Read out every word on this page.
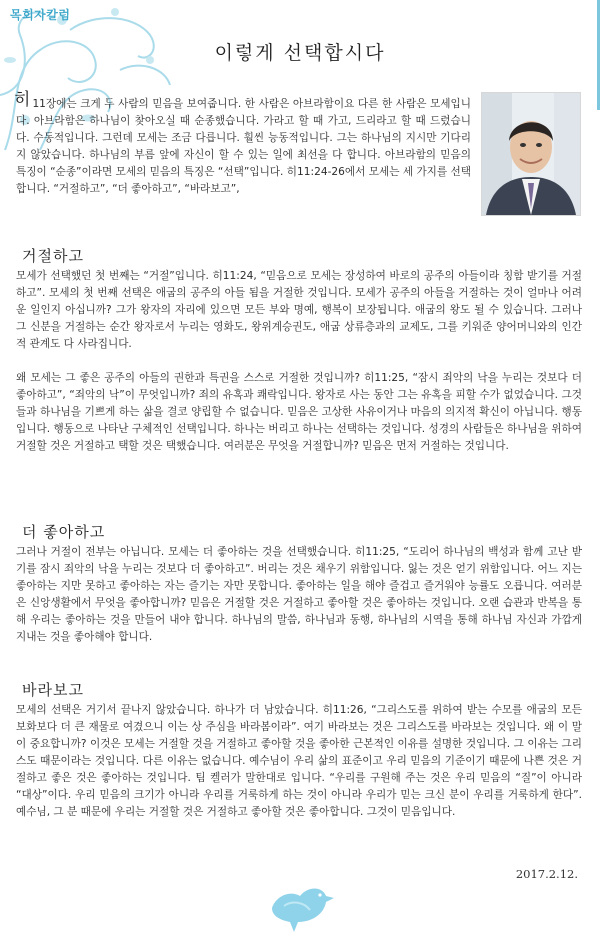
목회자칼럼
이렇게 선택합시다
히 11장에는 크게 두 사람의 믿음을 보여줍니다. 한 사람은 아브라함이요 다른 한 사람은 모세입니다. 아브라함은 하나님이 찾아오실 때 순종했습니다. 가라고 할 때 가고, 드리라고 할 때 드렸습니다. 수동적입니다. 그런데 모세는 조금 다릅니다. 훨씬 능동적입니다. 그는 하나님의 지시만 기다리지 않았습니다. 하나님의 부름 앞에 자신이 할 수 있는 일에 최선을 다 합니다. 아브라함의 믿음의 특징이 “순종”이라면 모세의 믿음의 특징은 “선택”입니다. 히11:24-26에서 모세는 세 가지를 선택합니다. “거절하고”, “더 좋아하고”, “바라보고”,
거절하고

모세가 선택했던 첫 번째는 “거절”입니다. 히11:24, “믿음으로 모세는 장성하여 바로의 공주의 아들이라 칭함 받기를 거절하고”. 모세의 첫 번째 선택은 애굽의 공주의 아들 됨을 거절한 것입니다. 모세가 공주의 아들을 거절하는 것이 얼마나 어려운 일인지 아십니까? 그가 왕자의 자리에 있으면 모든 부와 명예, 행복이 보장됩니다. 애굽의 왕도 될 수 있습니다. 그러나 그 신분을 거절하는 순간 왕자로서 누리는 영화도, 왕위계승권도, 애굽 상류층과의 교제도, 그를 키워준 양어머니와의 인간적 관계도 다 사라집니다.

왜 모세는 그 좋은 공주의 아들의 권한과 특권을 스스로 거절한 것입니까? 히11:25, “잠시 죄악의 낙을 누리는 것보다 더 좋아하고”, “죄악의 낙”이 무엇입니까? 죄의 유혹과 쾌락입니다. 왕자로 사는 동안 그는 유혹을 피할 수가 없었습니다. 그것들과 하나님을 기쁘게 하는 삶을 결코 양립할 수 없습니다. 믿음은 고상한 사유이거나 마음의 의지적 확신이 아닙니다. 행동입니다. 행동으로 나타난 구체적인 선택입니다. 하나는 버리고 하나는 선택하는 것입니다. 성경의 사람들은 하나님을 위하여 거절할 것은 거절하고 택할 것은 택했습니다. 여러분은 무엇을 거절합니까? 믿음은 먼저 거절하는 것입니다.

더 좋아하고

그러나 거절이 전부는 아닙니다. 모세는 더 좋아하는 것을 선택했습니다. 히11:25, “도리어 하나님의 백성과 함께 고난 받기를 잠시 죄악의 낙을 누리는 것보다 더 좋아하고”. 버리는 것은 채우기 위함입니다. 잃는 것은 얻기 위함입니다. 어느 지는 좋아하는 지만 못하고 좋아하는 자는 즐기는 자만 못합니다. 좋아하는 일을 해야 즐겁고 즐거워야 능률도 오릅니다. 여러분은 신앙생활에서 무엇을 좋아합니까? 믿음은 거절할 것은 거절하고 좋아할 것은 좋아하는 것입니다. 오랜 습관과 반복을 통해 우리는 좋아하는 것을 만들어 내야 합니다. 하나님의 말씀, 하나님과 동행, 하나님의 시역을 통해 하나님 자신과 가깝게 지내는 것을 좋아해야 합니다.

바라보고

모세의 선택은 거기서 끝나지 않았습니다. 하나가 더 남았습니다. 히11:26, “그리스도를 위하여 받는 수모를 애굽의 모든 보화보다 더 큰 재물로 여겼으니 이는 상 주심을 바라봄이라”. 여기 바라보는 것은 그리스도를 바라보는 것입니다. 왜 이 말이 중요합니까? 이것은 모세는 거절할 것을 거절하고 좋아할 것을 좋아한 근본적인 이유를 설명한 것입니다. 그 이유는 그리스도 때문이라는 것입니다. 다른 이유는 없습니다. 예수님이 우리 삶의 표준이고 우리 믿음의 기준이기 때문에 나쁜 것은 거절하고 좋은 것은 좋아하는 것입니다. 팀 켈러가 말한대로 입니다. “우리를 구원해 주는 것은 우리 믿음의 “질”이 아니라 “대상”이다. 우리 믿음의 크기가 아니라 우리를 거룩하게 하는 것이 아니라 우리가 믿는 크신 분이 우리를 거룩하게 한다”. 예수님, 그 분 때문에 우리는 거절할 것은 거절하고 좋아할 것은 좋아합니다. 그것이 믿음입니다.

2017.2.12.
